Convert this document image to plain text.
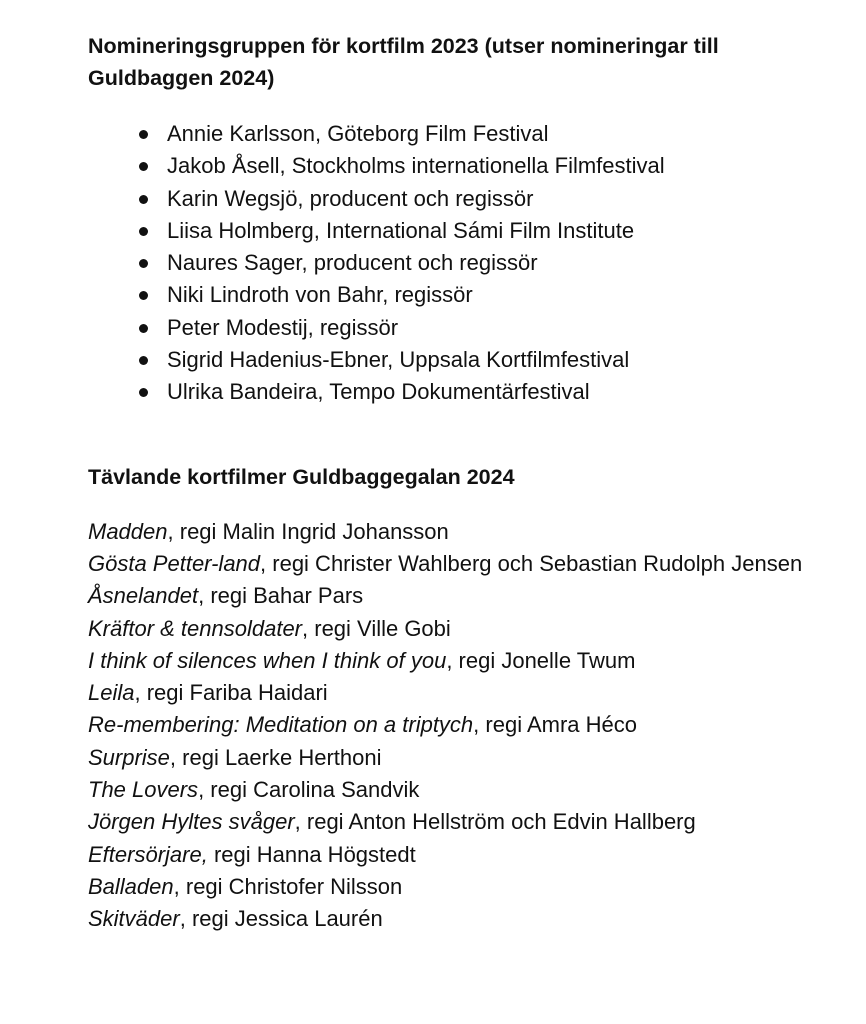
Nomineringsgruppen för kortfilm 2023 (utser nomineringar till Guldbaggen 2024)
Annie Karlsson, Göteborg Film Festival
Jakob Åsell, Stockholms internationella Filmfestival
Karin Wegsjö, producent och regissör
Liisa Holmberg, International Sámi Film Institute
Naures Sager, producent och regissör
Niki Lindroth von Bahr, regissör
Peter Modestij, regissör
Sigrid Hadenius-Ebner, Uppsala Kortfilmfestival
Ulrika Bandeira, Tempo Dokumentärfestival
Tävlande kortfilmer Guldbaggegalan 2024
Madden, regi Malin Ingrid Johansson
Gösta Petter-land, regi Christer Wahlberg och Sebastian Rudolph Jensen
Åsnelandet, regi Bahar Pars
Kräftor & tennsoldater, regi Ville Gobi
I think of silences when I think of you, regi Jonelle Twum
Leila, regi Fariba Haidari
Re-membering: Meditation on a triptych, regi Amra Héco
Surprise, regi Laerke Herthoni
The Lovers, regi Carolina Sandvik
Jörgen Hyltes svåger, regi Anton Hellström och Edvin Hallberg
Eftersörjare, regi Hanna Högstedt
Balladen, regi Christofer Nilsson
Skitväder, regi Jessica Laurén
